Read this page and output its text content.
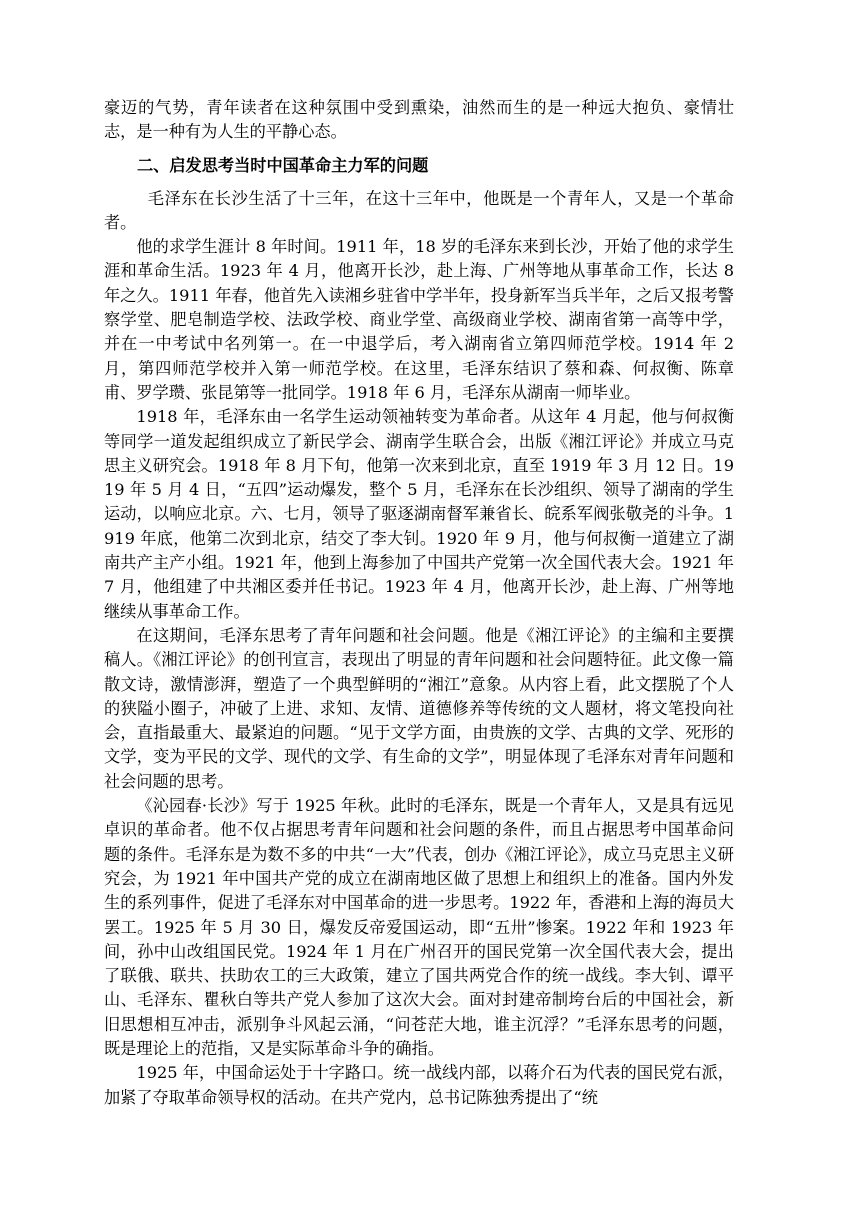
豪迈的气势，青年读者在这种氛围中受到熏染，油然而生的是一种远大抱负、豪情壮志，是一种有为人生的平静心态。

二、启发思考当时中国革命主力军的问题

毛泽东在长沙生活了十三年，在这十三年中，他既是一个青年人，又是一个革命者。

他的求学生涯计 8 年时间。1911 年，18 岁的毛泽东来到长沙，开始了他的求学生涯和革命生活。1923 年 4 月，他离开长沙，赴上海、广州等地从事革命工作，长达 8 年之久。1911 年春，他首先入读湘乡驻省中学半年，投身新军当兵半年，之后又报考警察学堂、肥皂制造学校、法政学校、商业学堂、高级商业学校、湖南省第一高等中学，并在一中考试中名列第一。在一中退学后，考入湖南省立第四师范学校。1914 年 2 月，第四师范学校并入第一师范学校。在这里，毛泽东结识了蔡和森、何叔衡、陈章甫、罗学瓒、张昆第等一批同学。1918 年 6 月，毛泽东从湖南一师毕业。

1918 年，毛泽东由一名学生运动领袖转变为革命者。从这年 4 月起，他与何叔衡等同学一道发起组织成立了新民学会、湖南学生联合会，出版《湘江评论》并成立马克思主义研究会。1918 年 8 月下旬，他第一次来到北京，直至 1919 年 3 月 12 日。1919 年 5 月 4 日，“五四”运动爆发，整个 5 月，毛泽东在长沙组织、领导了湖南的学生运动，以响应北京。六、七月，领导了驱逐湖南督军兼省长、皖系军阀张敬尧的斗争。1919 年底，他第二次到北京，结交了李大钊。1920 年 9 月，他与何叔衡一道建立了湖南共产主产小组。1921 年，他到上海参加了中国共产党第一次全国代表大会。1921 年 7 月，他组建了中共湘区委并任书记。1923 年 4 月，他离开长沙，赴上海、广州等地继续从事革命工作。

在这期间，毛泽东思考了青年问题和社会问题。他是《湘江评论》的主编和主要撰稿人。《湘江评论》的创刊宣言，表现出了明显的青年问题和社会问题特征。此文像一篇散文诗，激情澎湃，塑造了一个典型鲜明的“湘江”意象。从内容上看，此文摆脱了个人的狭隘小圈子，冲破了上进、求知、友情、道德修养等传统的文人题材，将文笔投向社会，直指最重大、最紧迫的问题。“见于文学方面，由贵族的文学、古典的文学、死形的文学，变为平民的文学、现代的文学、有生命的文学”，明显体现了毛泽东对青年问题和社会问题的思考。

《沁园春·长沙》写于 1925 年秋。此时的毛泽东，既是一个青年人，又是具有远见卓识的革命者。他不仅占据思考青年问题和社会问题的条件，而且占据思考中国革命问题的条件。毛泽东是为数不多的中共“一大”代表，创办《湘江评论》，成立马克思主义研究会，为 1921 年中国共产党的成立在湖南地区做了思想上和组织上的准备。国内外发生的系列事件，促进了毛泽东对中国革命的进一步思考。1922 年，香港和上海的海员大罢工。1925 年 5 月 30 日，爆发反帝爱国运动，即“五卅”惨案。1922 年和 1923 年间，孙中山改组国民党。1924 年 1 月在广州召开的国民党第一次全国代表大会，提出了联俄、联共、扶助农工的三大政策，建立了国共两党合作的统一战线。李大钊、谭平山、毛泽东、瞿秋白等共产党人参加了这次大会。面对封建帝制垮台后的中国社会，新旧思想相互冲击，派别争斗风起云涌，“问苍茫大地，谁主沉浮？”毛泽东思考的问题，既是理论上的范指，又是实际革命斗争的确指。

1925 年，中国命运处于十字路口。统一战线内部，以蒋介石为代表的国民党右派，加紧了夺取革命领导权的活动。在共产党内，总书记陈独秀提出了“统
